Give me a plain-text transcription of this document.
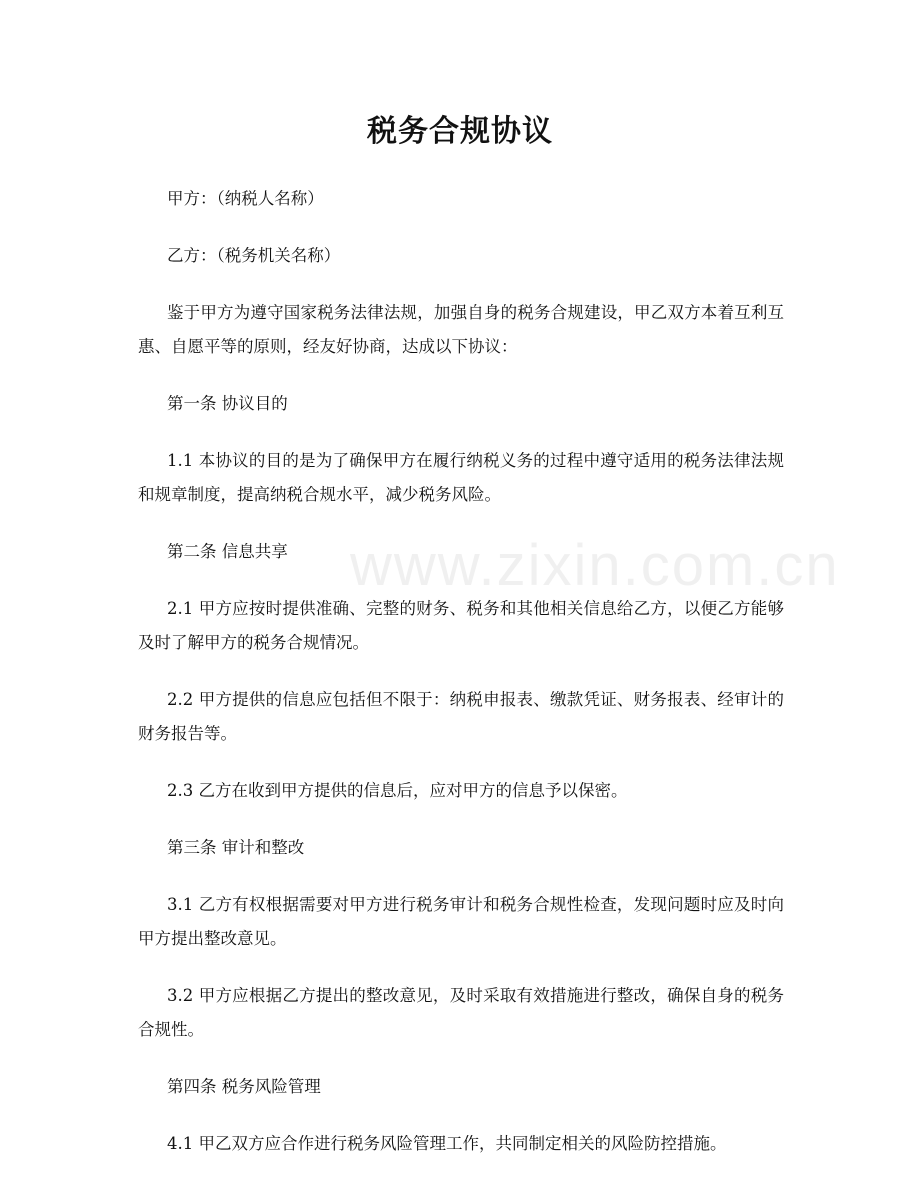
税务合规协议

甲方：（纳税人名称）

乙方：（税务机关名称）

鉴于甲方为遵守国家税务法律法规，加强自身的税务合规建设，甲乙双方本着互利互惠、自愿平等的原则，经友好协商，达成以下协议：

第一条 协议目的

1.1 本协议的目的是为了确保甲方在履行纳税义务的过程中遵守适用的税务法律法规和规章制度，提高纳税合规水平，减少税务风险。

第二条 信息共享

2.1 甲方应按时提供准确、完整的财务、税务和其他相关信息给乙方，以便乙方能够及时了解甲方的税务合规情况。

2.2 甲方提供的信息应包括但不限于：纳税申报表、缴款凭证、财务报表、经审计的财务报告等。

2.3 乙方在收到甲方提供的信息后，应对甲方的信息予以保密。

第三条 审计和整改

3.1 乙方有权根据需要对甲方进行税务审计和税务合规性检查，发现问题时应及时向甲方提出整改意见。

3.2 甲方应根据乙方提出的整改意见，及时采取有效措施进行整改，确保自身的税务合规性。

第四条 税务风险管理

4.1 甲乙双方应合作进行税务风险管理工作，共同制定相关的风险防控措施。

www.zixin.com.cn
